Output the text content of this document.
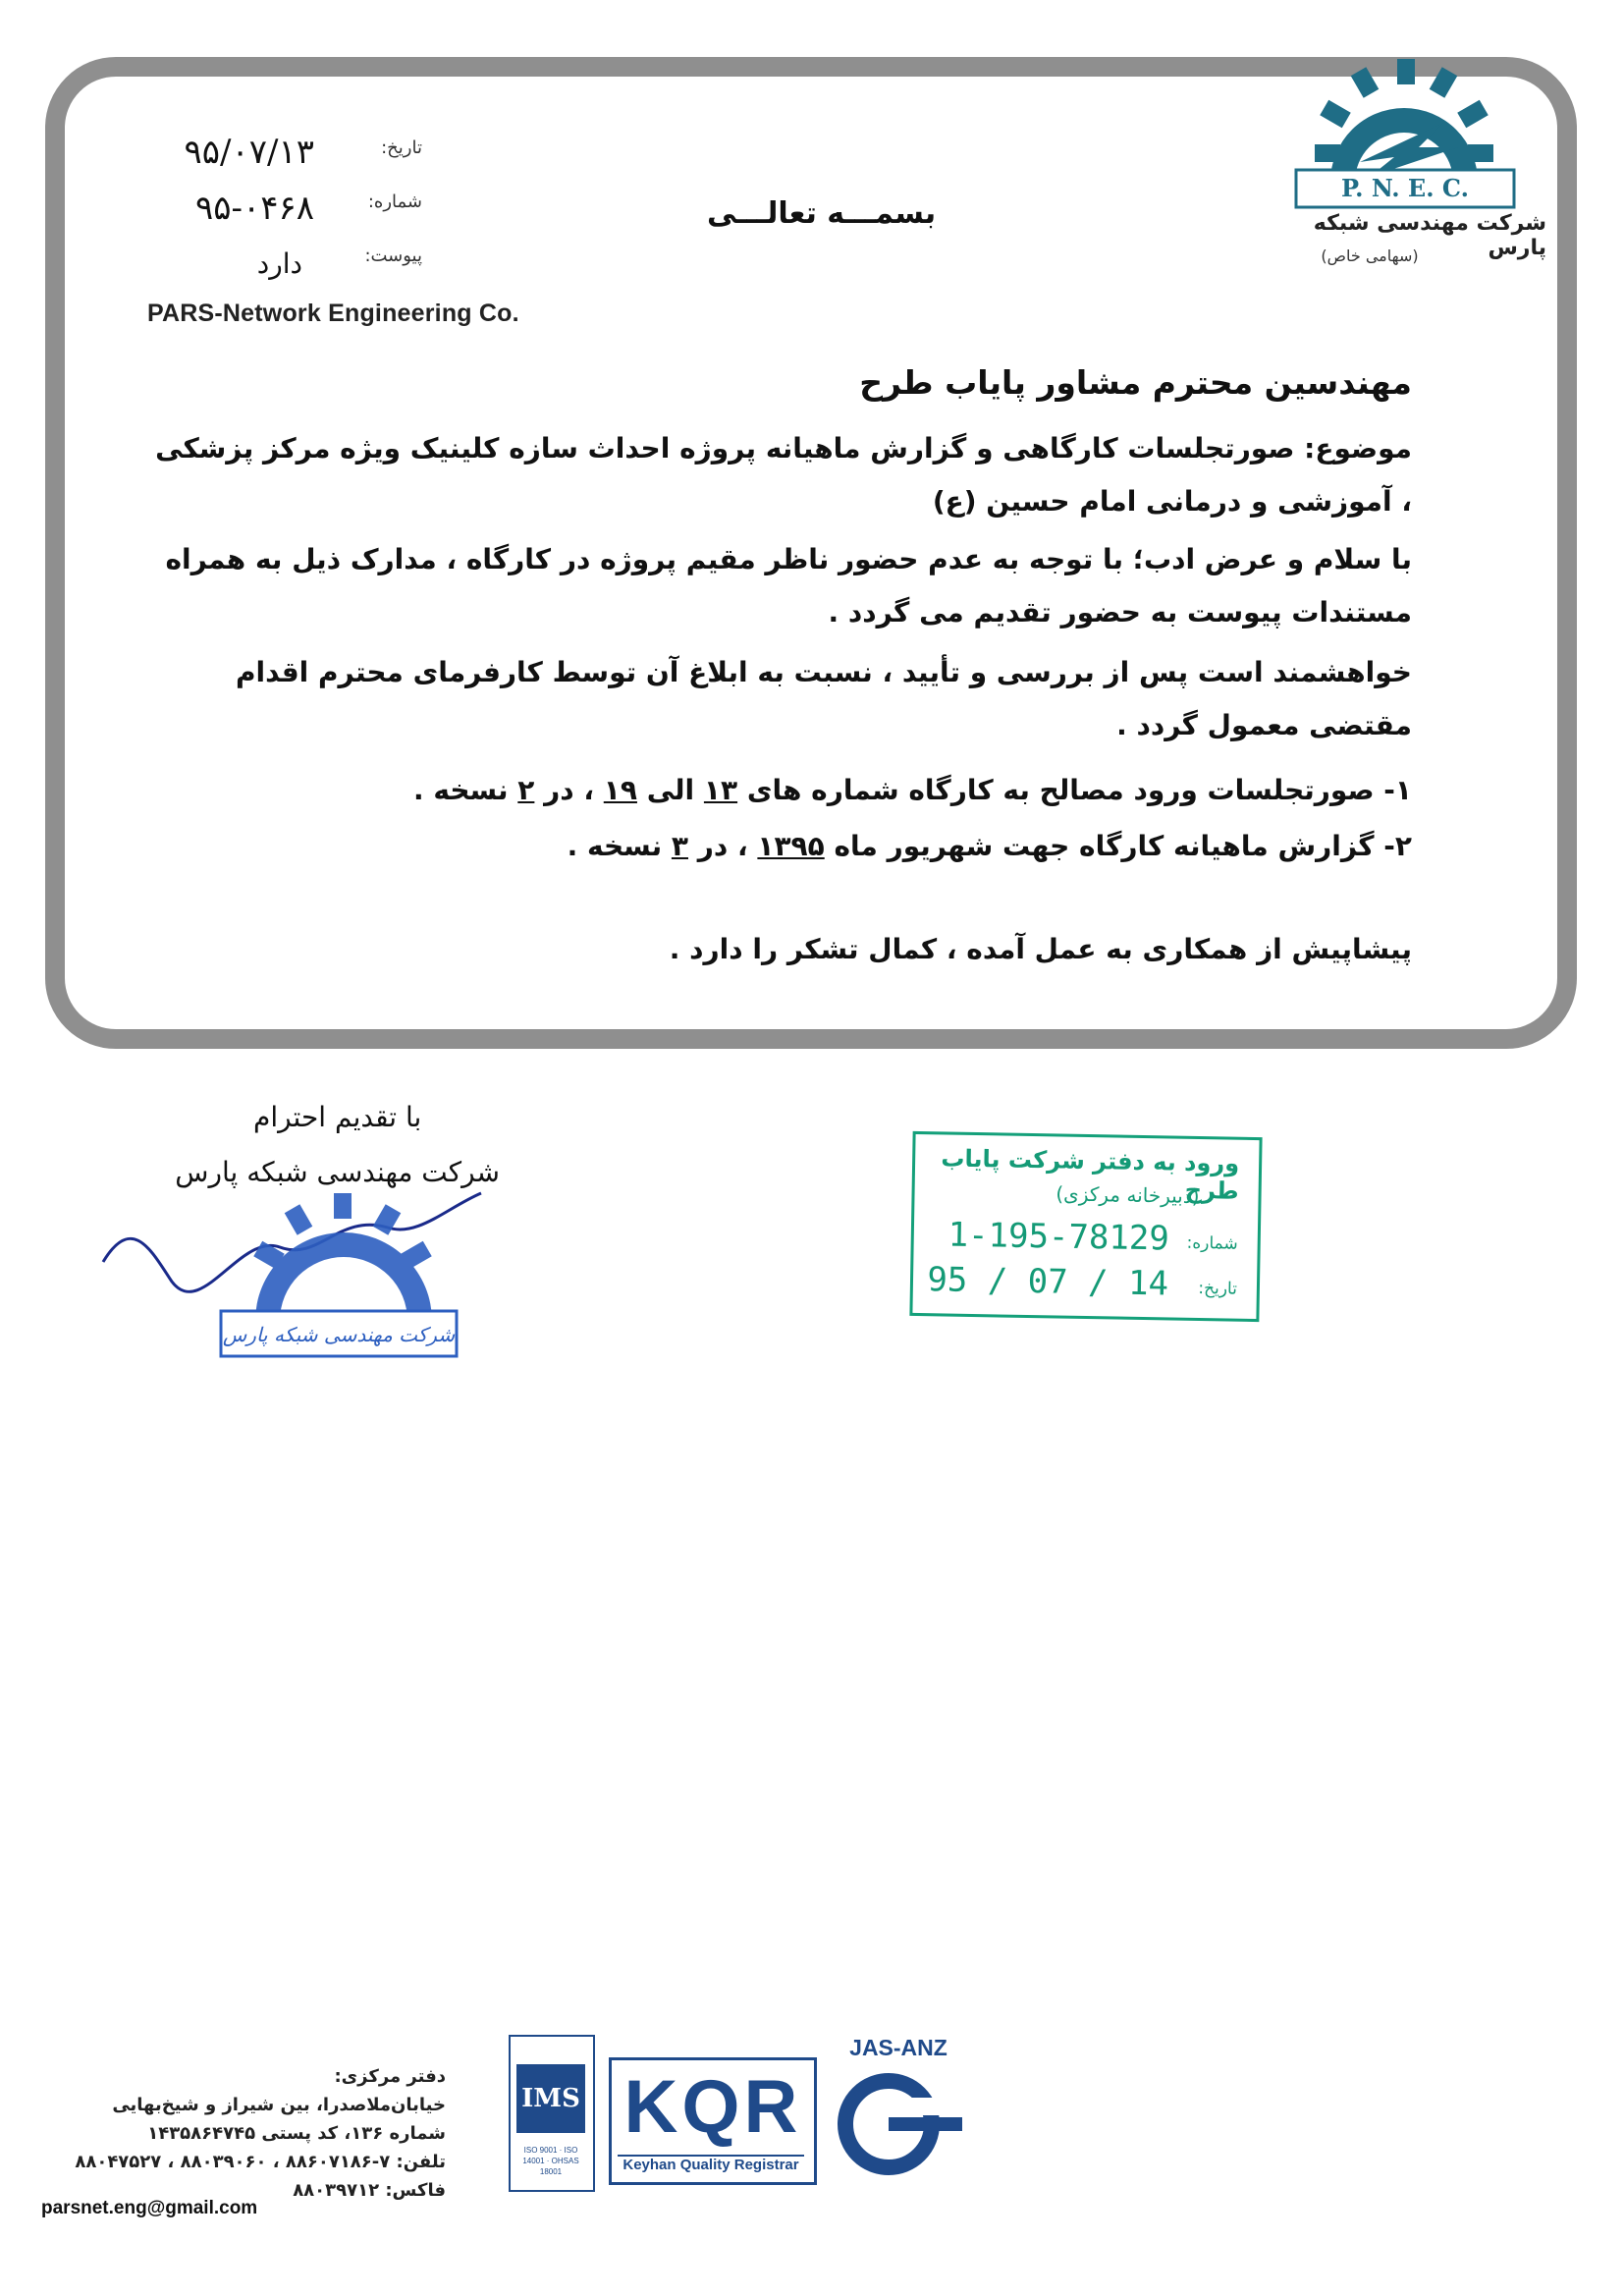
PARS-Network Engineering Co.
بسمـــه تعالـــی
تاریخ:
شماره:
پیوست:
۹۵/۰۷/۱۳
۹۵-۰۴۶۸
دارد
P. N. E. C.
شرکت مهندسی شبکه پارس
(سهامی خاص)
مهندسین محترم مشاور پایاب طرح
موضوع: صورتجلسات کارگاهی و گزارش ماهیانه پروژه احداث سازه کلینیک ویژه مرکز پزشکی ، آموزشی و درمانی امام حسین (ع)
با سلام و عرض ادب؛ با توجه به عدم حضور ناظر مقیم پروژه در کارگاه ، مدارک ذیل به همراه مستندات پیوست به حضور تقدیم می گردد .
خواهشمند است پس از بررسی و تأیید ، نسبت به ابلاغ آن توسط کارفرمای محترم اقدام مقتضی معمول گردد .
۱- صورتجلسات ورود مصالح به کارگاه شماره های ۱۳ الی ۱۹ ، در ۲ نسخه .
۲- گزارش ماهیانه کارگاه جهت شهریور ماه ۱۳۹۵ ، در ۳ نسخه .
پیشاپیش از همکاری به عمل آمده ، کمال تشکر را دارد .
با تقدیم احترام
شرکت مهندسی شبکه پارس
شرکت مهندسی شبکه پارس
ورود به دفتر شرکت پایاب طرح
(دبیرخانه مرکزی)
شماره:
1-195-78129
تاریخ:
95 / 07 / 14
دفتر مرکزی:
خیابان‌ملاصدرا، بین شیراز و شیخ‌بهایی
شماره ۱۳۶، کد پستی ۱۴۳۵۸۶۴۷۴۵
تلفن: ۷-۸۸۶۰۷۱۸۶ ، ۸۸۰۳۹۰۶۰ ، ۸۸۰۴۷۵۲۷
فاکس: ۸۸۰۳۹۷۱۲
parsnet.eng@gmail.com
IMS
ISO 9001 · ISO 14001 · OHSAS 18001
KQR
Keyhan Quality Registrar
JAS-ANZ
